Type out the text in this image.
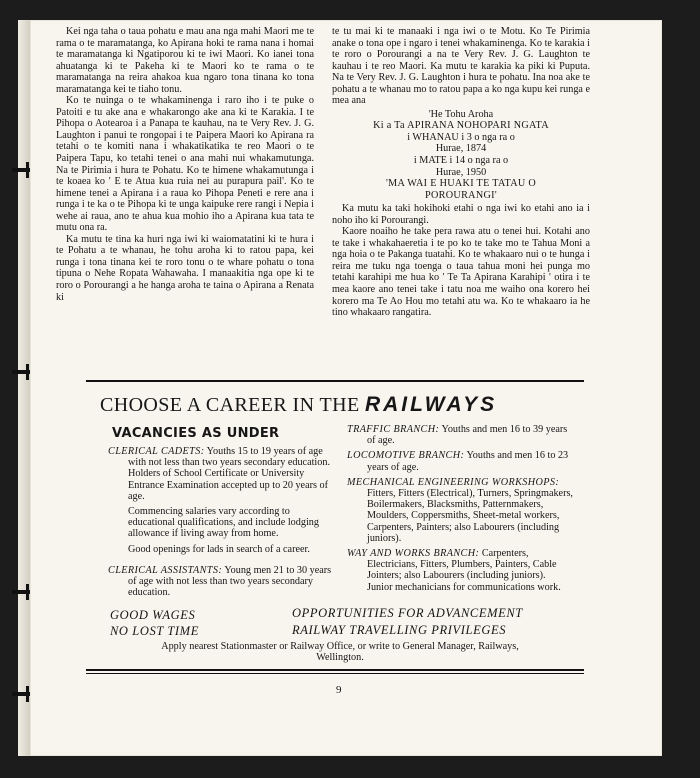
Kei nga taha o taua pohatu e mau ana nga mahi Maori me te rama o te maramatanga, ko Apirana hoki te rama nana i homai te maramatanga ki Ngatiporou ki te iwi Maori. Ko ianei tona ahuatanga ki te Pakeha ki te Maori ko te rama o te maramatanga na reira ahakoa kua ngaro tona tinana ko tona maramatanga kei te tiaho tonu.

Ko te nuinga o te whakaminenga i raro iho i te puke o Patoiti e tu ake ana e whakarongo ake ana ki te Karakia. I te Pihopa o Aotearoa i a Panapa te kauhau, na te Very Rev. J. G. Laughton i panui te rongopai i te Paipera Maori ko Apirana ra tetahi o te komiti nana i whakatikatika te reo Maori o te Paipera Tapu, ko tetahi tenei o ana mahi nui whakamutunga. Na te Pirimia i hura te Pohatu. Ko te himene whakamutunga i te koaea ko ' E te Atua kua ruia nei au purapura pail'. Ko te himene tenei a Apirana i a raua ko Pihopa Peneti e rere ana i runga i te ka o te Pihopa ki te unga kaipuke rere rangi i Nepia i wehe ai raua, ano te ahua kua mohio iho a Apirana kua tata te mutu ona ra.

Ka mutu te tina ka huri nga iwi ki waiomatatini ki te hura i te Pohatu a te whanau, he tohu aroha ki to ratou papa, kei runga i tona tinana kei te roro tonu o te whare pohatu o tona tipuna o Nehe Ropata Wahawaha. I manaakitia nga ope ki te roro o Porourangi a he hanga aroha te taina o Apirana a Renata ki

te tu mai ki te manaaki i nga iwi o te Motu. Ko Te Pirimia anake o tona ope i ngaro i tenei whakaminenga. Ko te karakia i te roro o Porourangi a na te Very Rev. J. G. Laughton te kauhau i te reo Maori. Ka mutu te karakia ka piki ki Puputa. Na te Very Rev. J. G. Laughton i hura te pohatu. Ina noa ake te pohatu a te whanau mo to ratou papa a ko nga kupu kei runga e mea ana

'He Tohu Aroha
Ki a Ta APIRANA NOHOPARI NGATA
i WHANAU i 3 o nga ra o
Hurae, 1874
i MATE i 14 o nga ra o
Hurae, 1950
'MA WAI E HUAKI TE TATAU O
POROURANGI'

Ka mutu ka taki hokihoki etahi o nga iwi ko etahi ano ia i noho iho ki Porourangi.

Kaore noaiho he take pera rawa atu o tenei hui. Kotahi ano te take i whakahaeretia i te po ko te take mo te Tahua Moni a nga hoia o te Pakanga tuatahi. Ko te whakaaro nui o te hunga i reira me tuku nga toenga o taua tahua moni hei punga mo tetahi karahipi me hua ko ' Te Ta Apirana Karahipi ' otira i te mea kaore ano tenei take i tatu noa me waiho ona korero hei korero ma Te Ao Hou mo tetahi atu wa. Ko te whakaaro ia he tino whakaaro rangatira.

CHOOSE A CAREER IN THE RAILWAYS
VACANCIES AS UNDER
CLERICAL CADETS: Youths 15 to 19 years of age with not less than two years secondary education. Holders of School Certificate or University Entrance Examination accepted up to 20 years of age.
Commencing salaries vary according to educational qualifications, and include lodging allowance if living away from home.
Good openings for lads in search of a career.
CLERICAL ASSISTANTS: Young men 21 to 30 years of age with not less than two years secondary education.
TRAFFIC BRANCH: Youths and men 16 to 39 years of age.
LOCOMOTIVE BRANCH: Youths and men 16 to 23 years of age.
MECHANICAL ENGINEERING WORKSHOPS: Fitters, Fitters (Electrical), Turners, Springmakers, Boilermakers, Blacksmiths, Patternmakers, Moulders, Coppersmiths, Sheet-metal workers, Carpenters, Painters; also Labourers (including juniors).
WAY AND WORKS BRANCH: Carpenters, Electricians, Fitters, Plumbers, Painters, Cable Jointers; also Labourers (including juniors). Junior mechanicians for communications work.
GOOD WAGES
NO LOST TIME
OPPORTUNITIES FOR ADVANCEMENT
RAILWAY TRAVELLING PRIVILEGES
Apply nearest Stationmaster or Railway Office, or write to General Manager, Railways, Wellington.
9
